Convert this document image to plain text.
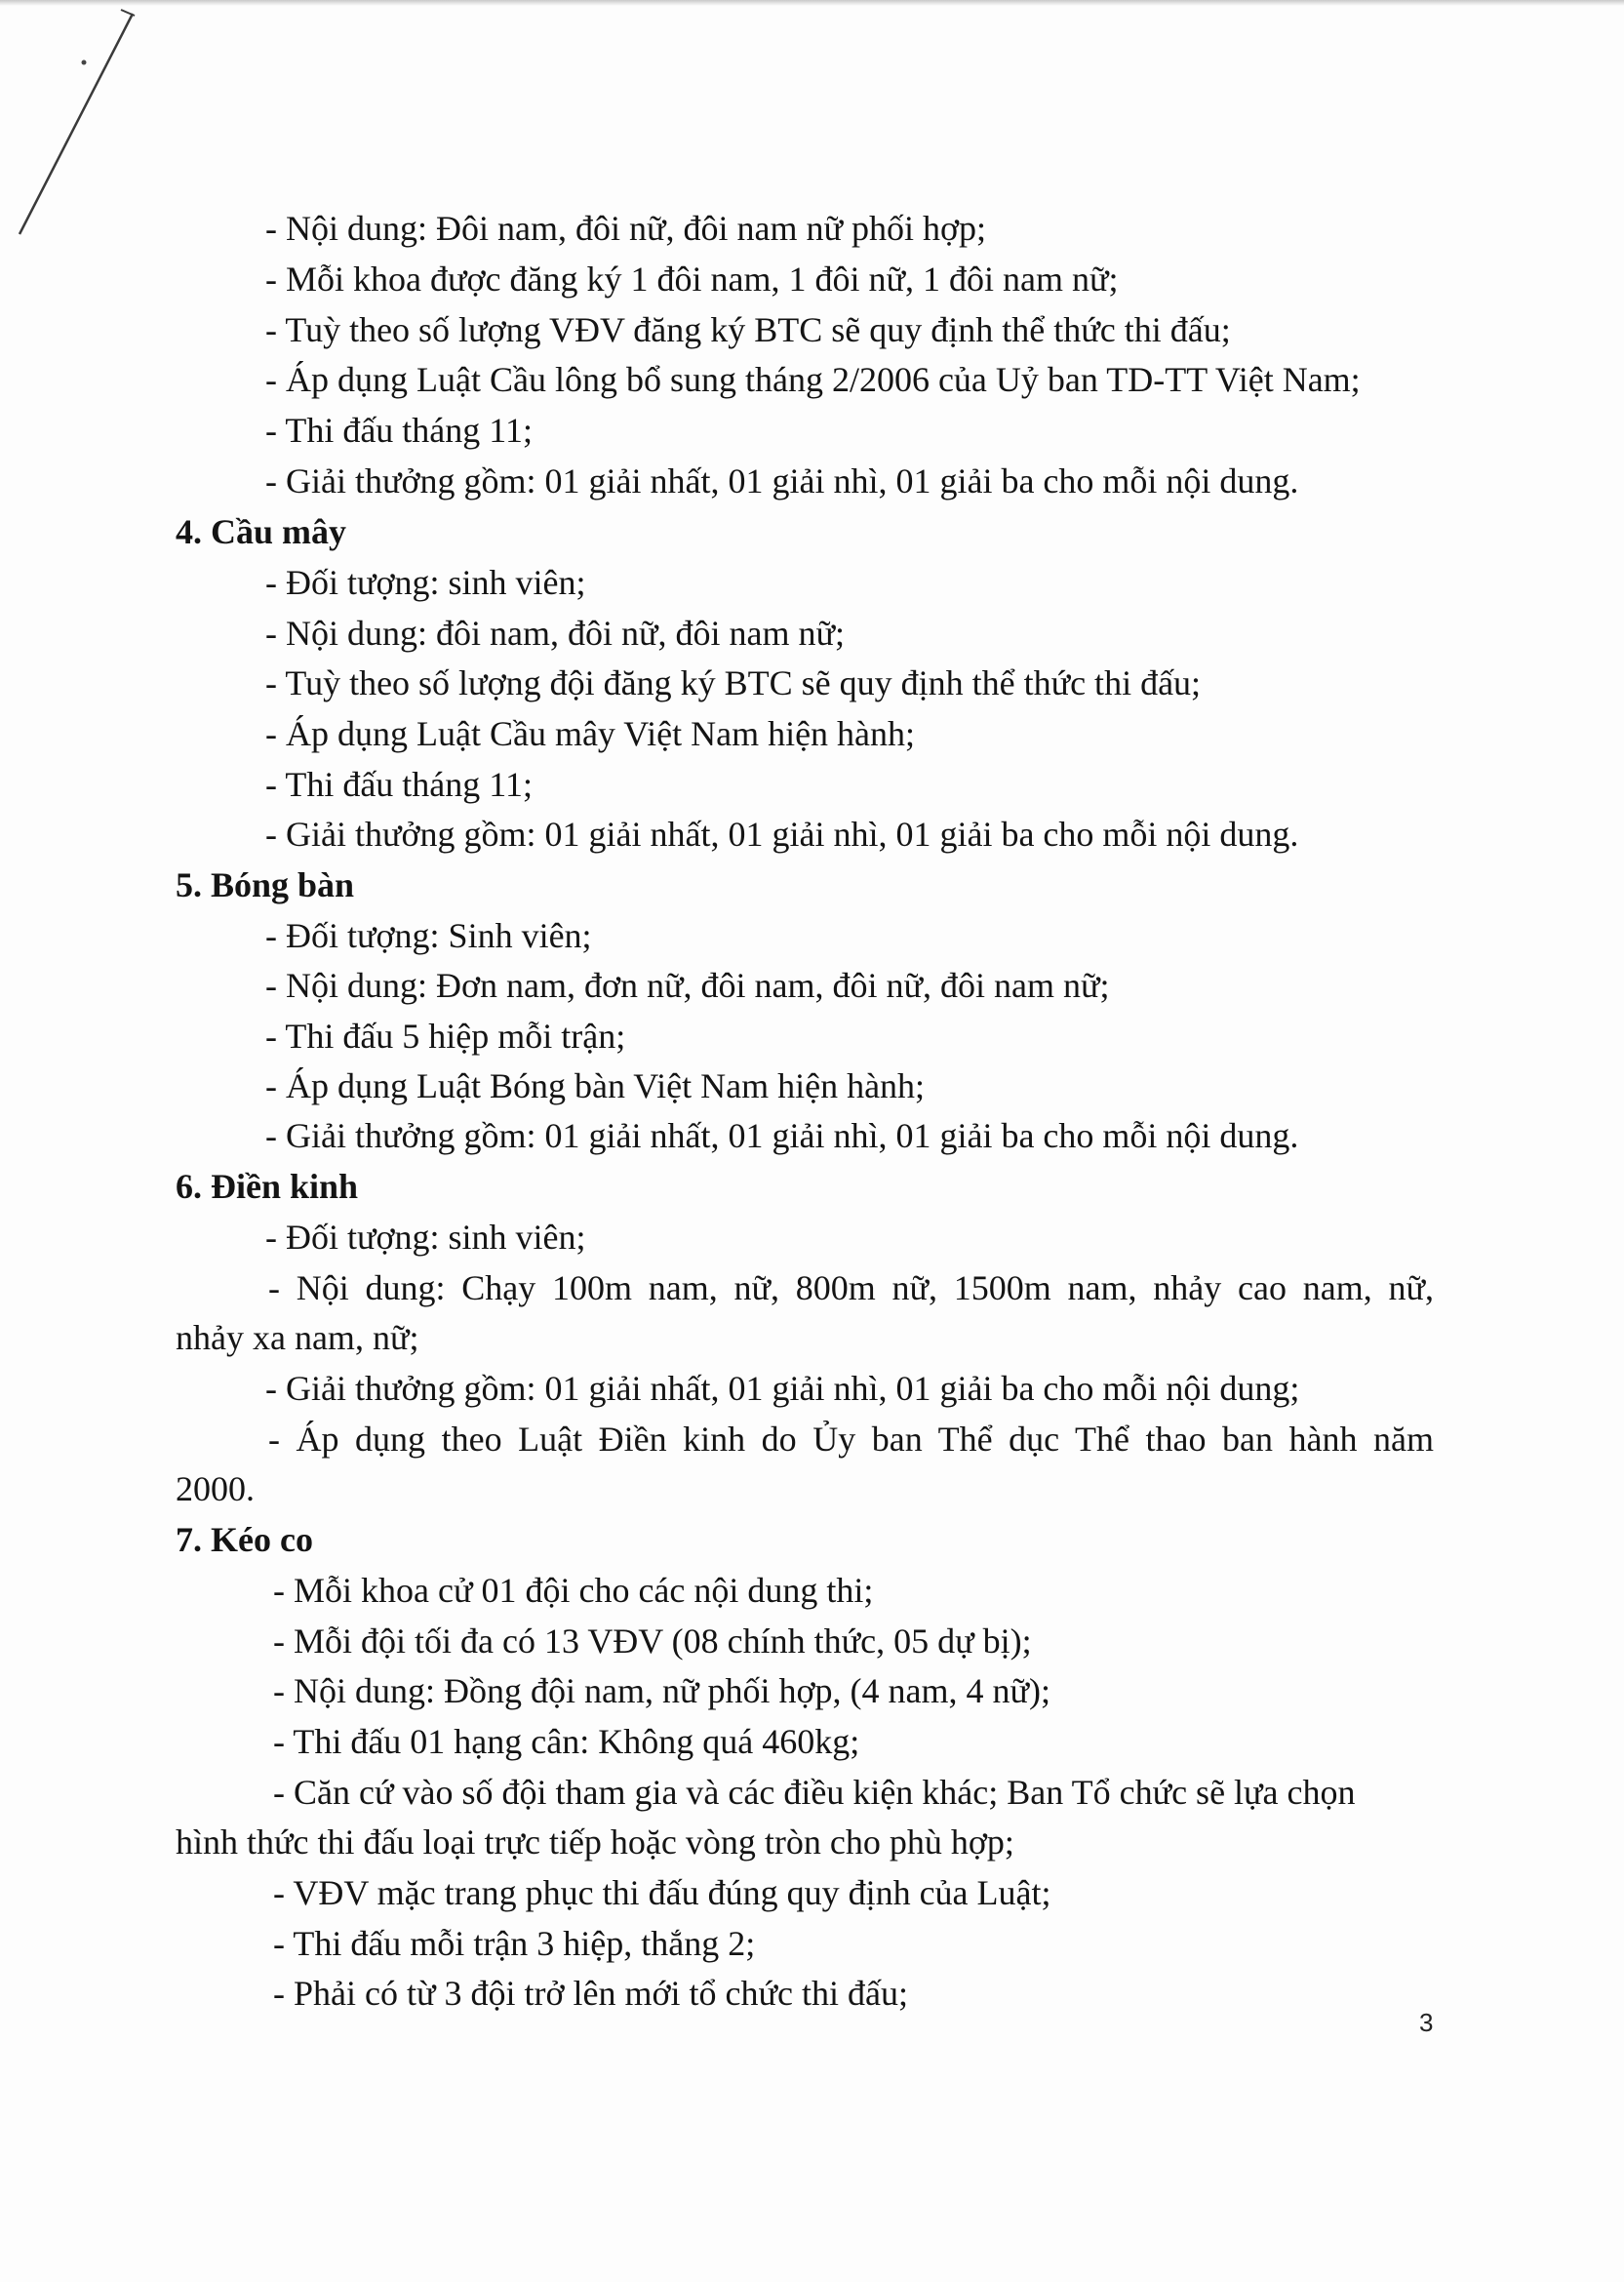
- Nội dung: Đôi nam, đôi nữ, đôi nam nữ phối hợp;
- Mỗi khoa được đăng ký 1 đôi nam, 1 đôi nữ, 1 đôi nam nữ;
- Tuỳ theo số lượng VĐV đăng ký BTC sẽ quy định thể thức thi đấu;
- Áp dụng Luật Cầu lông bổ sung tháng 2/2006 của Uỷ ban TD-TT Việt Nam;
- Thi đấu tháng 11;
- Giải thưởng gồm: 01 giải nhất, 01 giải nhì, 01 giải ba cho mỗi nội dung.
4. Cầu mây
- Đối tượng: sinh viên;
- Nội dung: đôi nam, đôi nữ, đôi nam nữ;
- Tuỳ theo số lượng đội đăng ký BTC sẽ quy định thể thức thi đấu;
- Áp dụng Luật Cầu mây Việt Nam hiện hành;
- Thi đấu tháng 11;
- Giải thưởng gồm: 01 giải nhất, 01 giải nhì, 01 giải ba cho mỗi nội dung.
5. Bóng bàn
- Đối tượng: Sinh viên;
- Nội dung: Đơn nam, đơn nữ, đôi nam, đôi nữ, đôi nam nữ;
- Thi đấu 5 hiệp mỗi trận;
- Áp dụng Luật Bóng bàn Việt Nam hiện hành;
- Giải thưởng gồm: 01 giải nhất, 01 giải nhì, 01 giải ba cho mỗi nội dung.
6. Điền kinh
- Đối tượng: sinh viên;
- Nội dung: Chạy 100m nam, nữ, 800m nữ, 1500m nam, nhảy cao nam, nữ,
nhảy xa nam, nữ;
- Giải thưởng gồm: 01 giải nhất, 01 giải nhì, 01 giải ba cho mỗi nội dung;
- Áp dụng theo Luật Điền kinh do Ủy ban Thể dục Thể thao ban hành năm
2000.
7. Kéo co
- Mỗi khoa cử 01 đội cho các nội dung thi;
- Mỗi đội tối đa có 13 VĐV (08 chính thức, 05 dự bị);
- Nội dung: Đồng đội nam, nữ phối hợp, (4 nam, 4 nữ);
- Thi đấu 01 hạng cân: Không quá 460kg;
- Căn cứ vào số đội tham gia và các điều kiện khác; Ban Tổ chức sẽ lựa chọn
hình thức thi đấu loại trực tiếp hoặc vòng tròn cho phù hợp;
- VĐV mặc trang phục thi đấu đúng quy định của Luật;
- Thi đấu mỗi trận 3 hiệp, thắng 2;
- Phải có từ 3 đội trở lên mới tổ chức thi đấu;
3
